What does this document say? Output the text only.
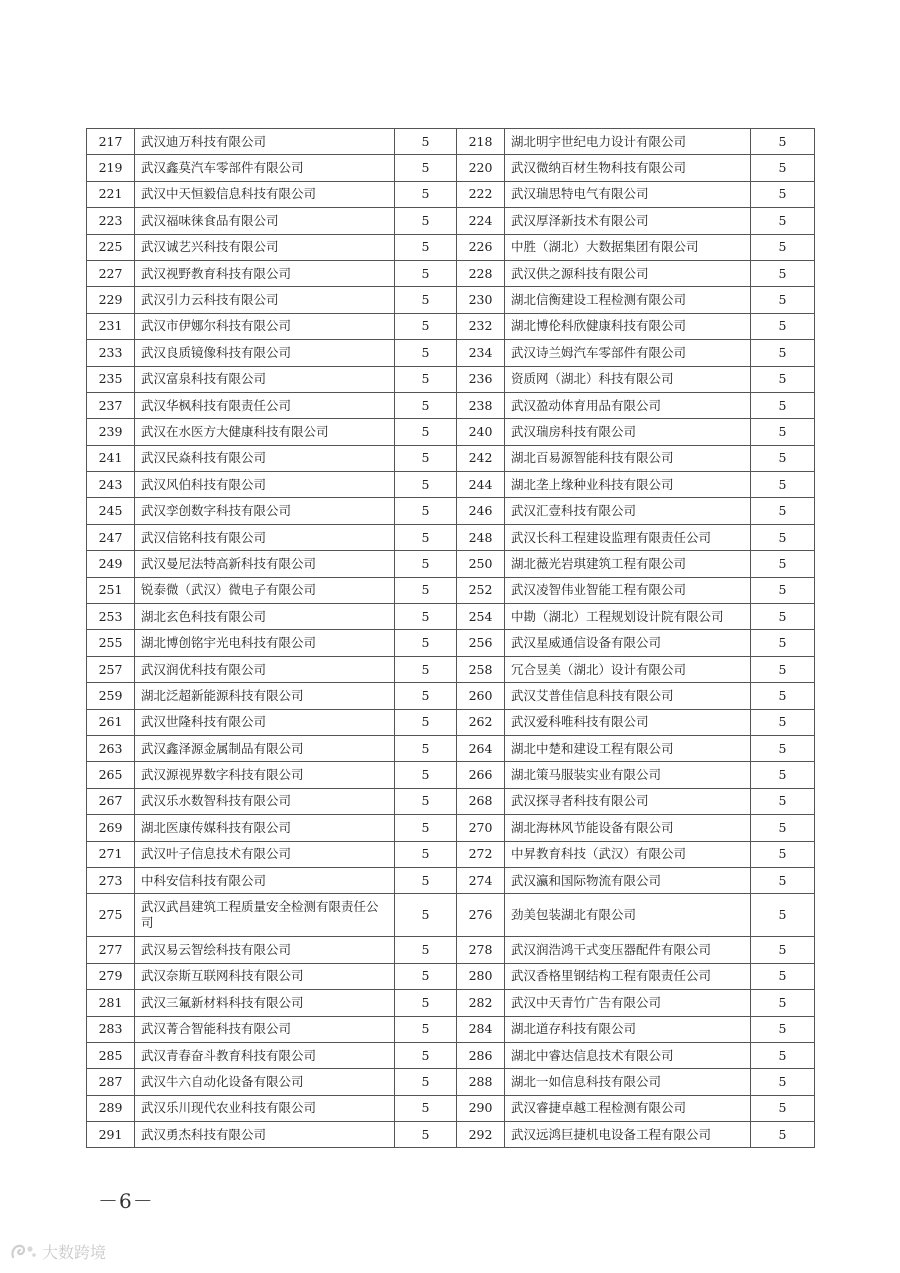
217	武汉迪万科技有限公司	5	218	湖北明宇世纪电力设计有限公司	5
219	武汉鑫莫汽车零部件有限公司	5	220	武汉微纳百材生物科技有限公司	5
221	武汉中天恒毅信息科技有限公司	5	222	武汉瑞思特电气有限公司	5
223	武汉福味徕食品有限公司	5	224	武汉厚泽新技术有限公司	5
225	武汉诚艺兴科技有限公司	5	226	中胜（湖北）大数据集团有限公司	5
227	武汉视野教育科技有限公司	5	228	武汉供之源科技有限公司	5
229	武汉引力云科技有限公司	5	230	湖北信衡建设工程检测有限公司	5
231	武汉市伊娜尔科技有限公司	5	232	湖北博伦科欣健康科技有限公司	5
233	武汉良质镜像科技有限公司	5	234	武汉诗兰姆汽车零部件有限公司	5
235	武汉富泉科技有限公司	5	236	资质网（湖北）科技有限公司	5
237	武汉华枫科技有限责任公司	5	238	武汉盈动体育用品有限公司	5
239	武汉在水医方大健康科技有限公司	5	240	武汉瑞房科技有限公司	5
241	武汉民焱科技有限公司	5	242	湖北百易源智能科技有限公司	5
243	武汉风伯科技有限公司	5	244	湖北垄上缘种业科技有限公司	5
245	武汉孪创数字科技有限公司	5	246	武汉汇壹科技有限公司	5
247	武汉信铭科技有限公司	5	248	武汉长科工程建设监理有限责任公司	5
249	武汉曼尼法特高新科技有限公司	5	250	湖北薇光岩琪建筑工程有限公司	5
251	锐泰微（武汉）微电子有限公司	5	252	武汉凌智伟业智能工程有限公司	5
253	湖北玄色科技有限公司	5	254	中勘（湖北）工程规划设计院有限公司	5
255	湖北博创铭宇光电科技有限公司	5	256	武汉星威通信设备有限公司	5
257	武汉润优科技有限公司	5	258	冗合昱美（湖北）设计有限公司	5
259	湖北泛超新能源科技有限公司	5	260	武汉艾普佳信息科技有限公司	5
261	武汉世隆科技有限公司	5	262	武汉爱科唯科技有限公司	5
263	武汉鑫泽源金属制品有限公司	5	264	湖北中楚和建设工程有限公司	5
265	武汉源视界数字科技有限公司	5	266	湖北策马服装实业有限公司	5
267	武汉乐水数智科技有限公司	5	268	武汉探寻者科技有限公司	5
269	湖北医康传媒科技有限公司	5	270	湖北海林风节能设备有限公司	5
271	武汉叶子信息技术有限公司	5	272	中昇教育科技（武汉）有限公司	5
273	中科安信科技有限公司	5	274	武汉瀛和国际物流有限公司	5
275	武汉武昌建筑工程质量安全检测有限责任公司	5	276	劲美包装湖北有限公司	5
277	武汉易云智绘科技有限公司	5	278	武汉润浩鸿干式变压器配件有限公司	5
279	武汉奈斯互联网科技有限公司	5	280	武汉香格里钢结构工程有限责任公司	5
281	武汉三氟新材料科技有限公司	5	282	武汉中天青竹广告有限公司	5
283	武汉菁合智能科技有限公司	5	284	湖北道存科技有限公司	5
285	武汉青春奋斗教育科技有限公司	5	286	湖北中睿达信息技术有限公司	5
287	武汉牛六自动化设备有限公司	5	288	湖北一如信息科技有限公司	5
289	武汉乐川现代农业科技有限公司	5	290	武汉睿捷卓越工程检测有限公司	5
291	武汉勇杰科技有限公司	5	292	武汉远鸿巨捷机电设备工程有限公司	5
－6－
大数跨境
